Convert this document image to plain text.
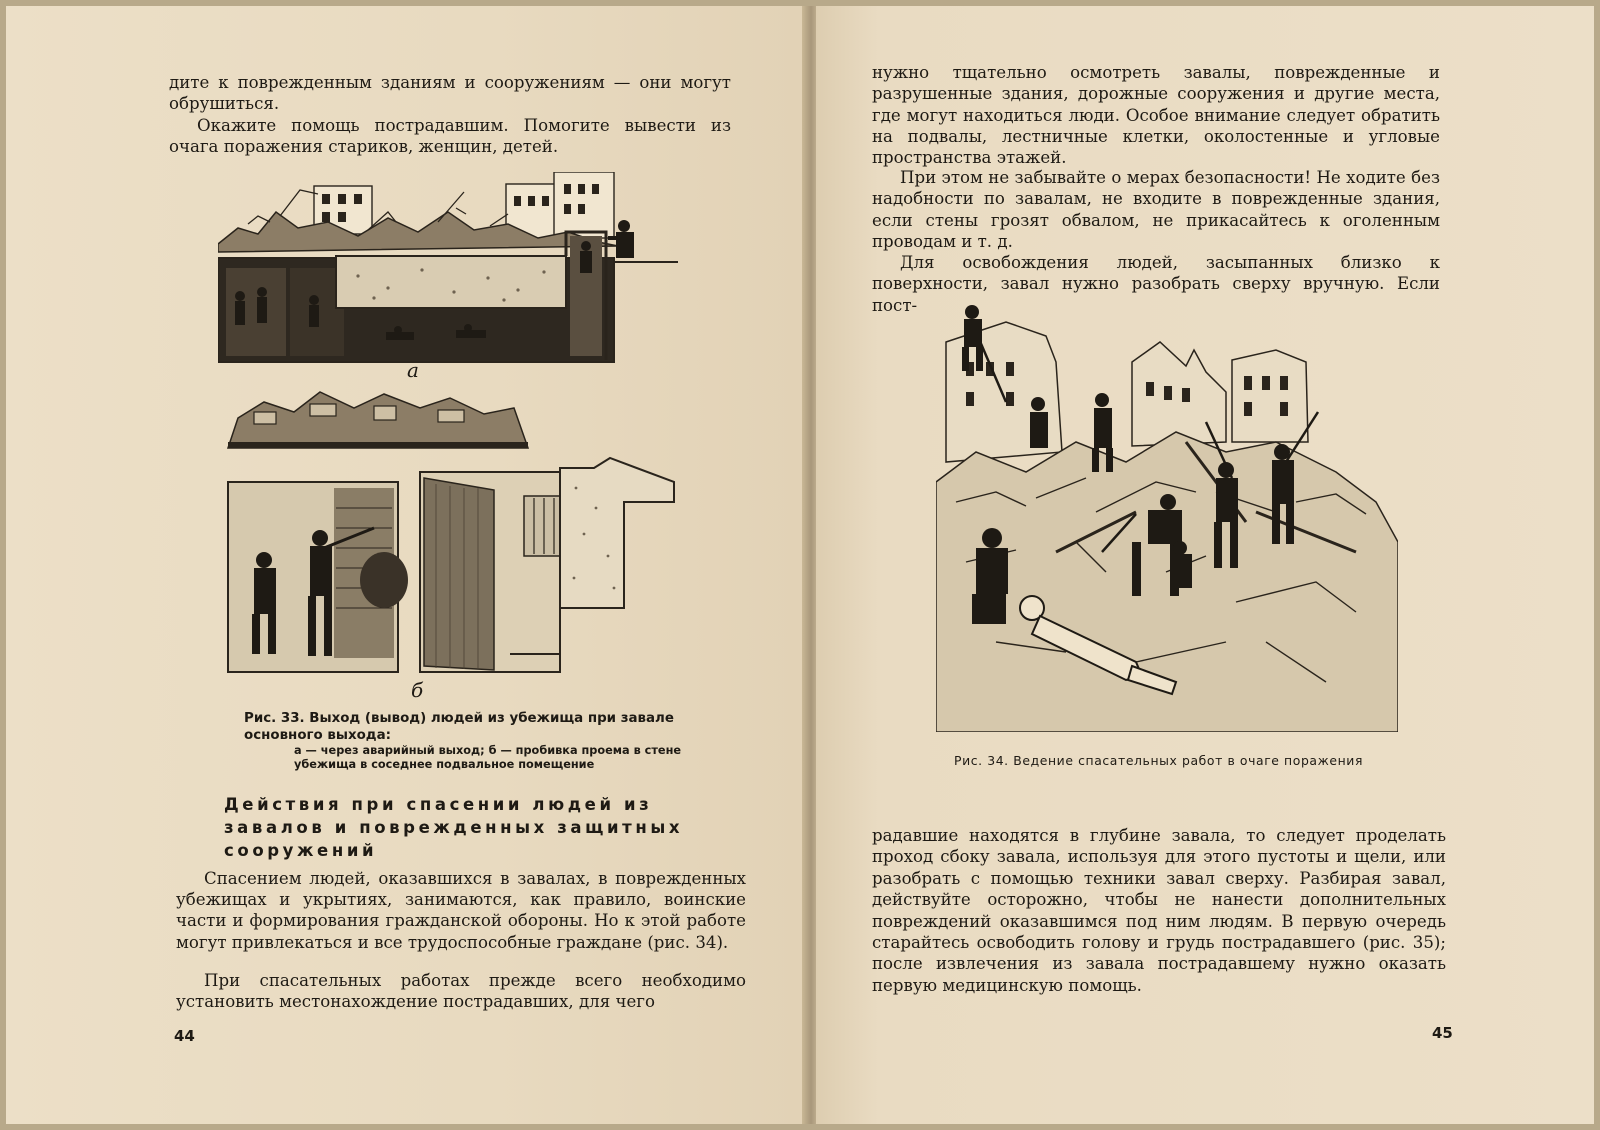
дите к поврежденным зданиям и сооружениям — они могут обрушиться.

Окажите помощь пострадавшим. Помогите вывести из очага поражения стариков, женщин, детей.

а
б

Рис. 33. Выход (вывод) людей из убежища при завале основного выхода:

а — через аварийный выход; б — пробивка проема в стене убежища в соседнее подвальное помещение

Действия при спасении людей из завалов и поврежденных защитных сооружений

Спасением людей, оказавшихся в завалах, в поврежденных убежищах и укрытиях, занимаются, как правило, воинские части и формирования гражданской обороны. Но к этой работе могут привлекаться и все трудоспособные граждане (рис. 34).

При спасательных работах прежде всего необходимо установить местонахождение пострадавших, для чего

44

нужно тщательно осмотреть завалы, поврежденные и разрушенные здания, дорожные сооружения и другие места, где могут находиться люди. Особое внимание следует обратить на подвалы, лестничные клетки, околостенные и угловые пространства этажей.

При этом не забывайте о мерах безопасности! Не ходите без надобности по завалам, не входите в поврежденные здания, если стены грозят обвалом, не прикасайтесь к оголенным проводам и т. д.

Для освобождения людей, засыпанных близко к поверхности, завал нужно разобрать сверху вручную. Если пост-

Рис. 34. Ведение спасательных работ в очаге поражения

радавшие находятся в глубине завала, то следует проделать проход сбоку завала, используя для этого пустоты и щели, или разобрать с помощью техники завал сверху. Разбирая завал, действуйте осторожно, чтобы не нанести дополнительных повреждений оказавшимся под ним людям. В первую очередь старайтесь освободить голову и грудь пострадавшего (рис. 35); после извлечения из завала пострадавшему нужно оказать первую медицинскую помощь.

45
